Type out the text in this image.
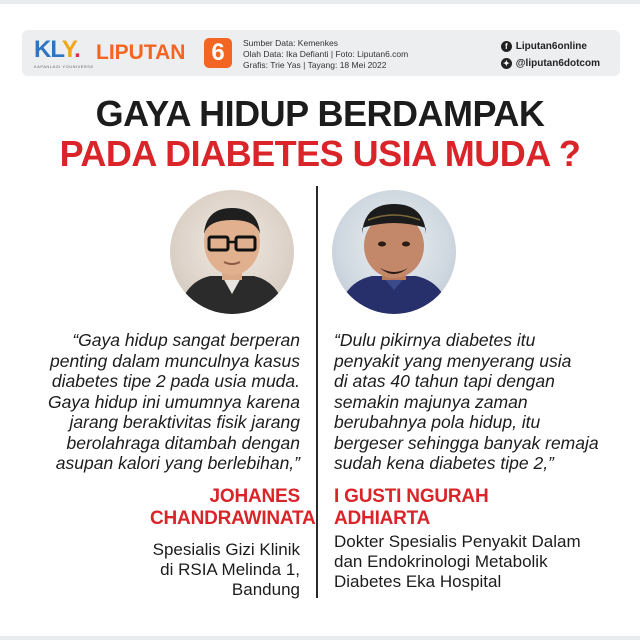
KLY.
KAPANLAGI YOUNIVERSE
LIPUTAN	6	Sumber Data: Kemenkes
Olah Data: Ika Defianti | Foto: Liputan6.com
Grafis: Trie Yas | Tayang: 18 Mei 2022
f Liputan6online
✦ @liputan6dotcom
GAYA HIDUP BERDAMPAK
PADA DIABETES USIA MUDA ?
“Gaya hidup sangat berperan
penting dalam munculnya kasus
diabetes tipe 2 pada usia muda.
Gaya hidup ini umumnya karena
jarang beraktivitas fisik jarang
berolahraga ditambah dengan
asupan kalori yang berlebihan,”
JOHANES
CHANDRAWINATA
Spesialis Gizi Klinik
di RSIA Melinda 1, Bandung
“Dulu pikirnya diabetes itu
penyakit yang menyerang usia
di atas 40 tahun tapi dengan
semakin majunya zaman
berubahnya pola hidup, itu
bergeser sehingga banyak remaja
sudah kena diabetes tipe 2,”
I GUSTI NGURAH
ADHIARTA
Dokter Spesialis Penyakit Dalam
dan Endokrinologi Metabolik
Diabetes Eka Hospital
